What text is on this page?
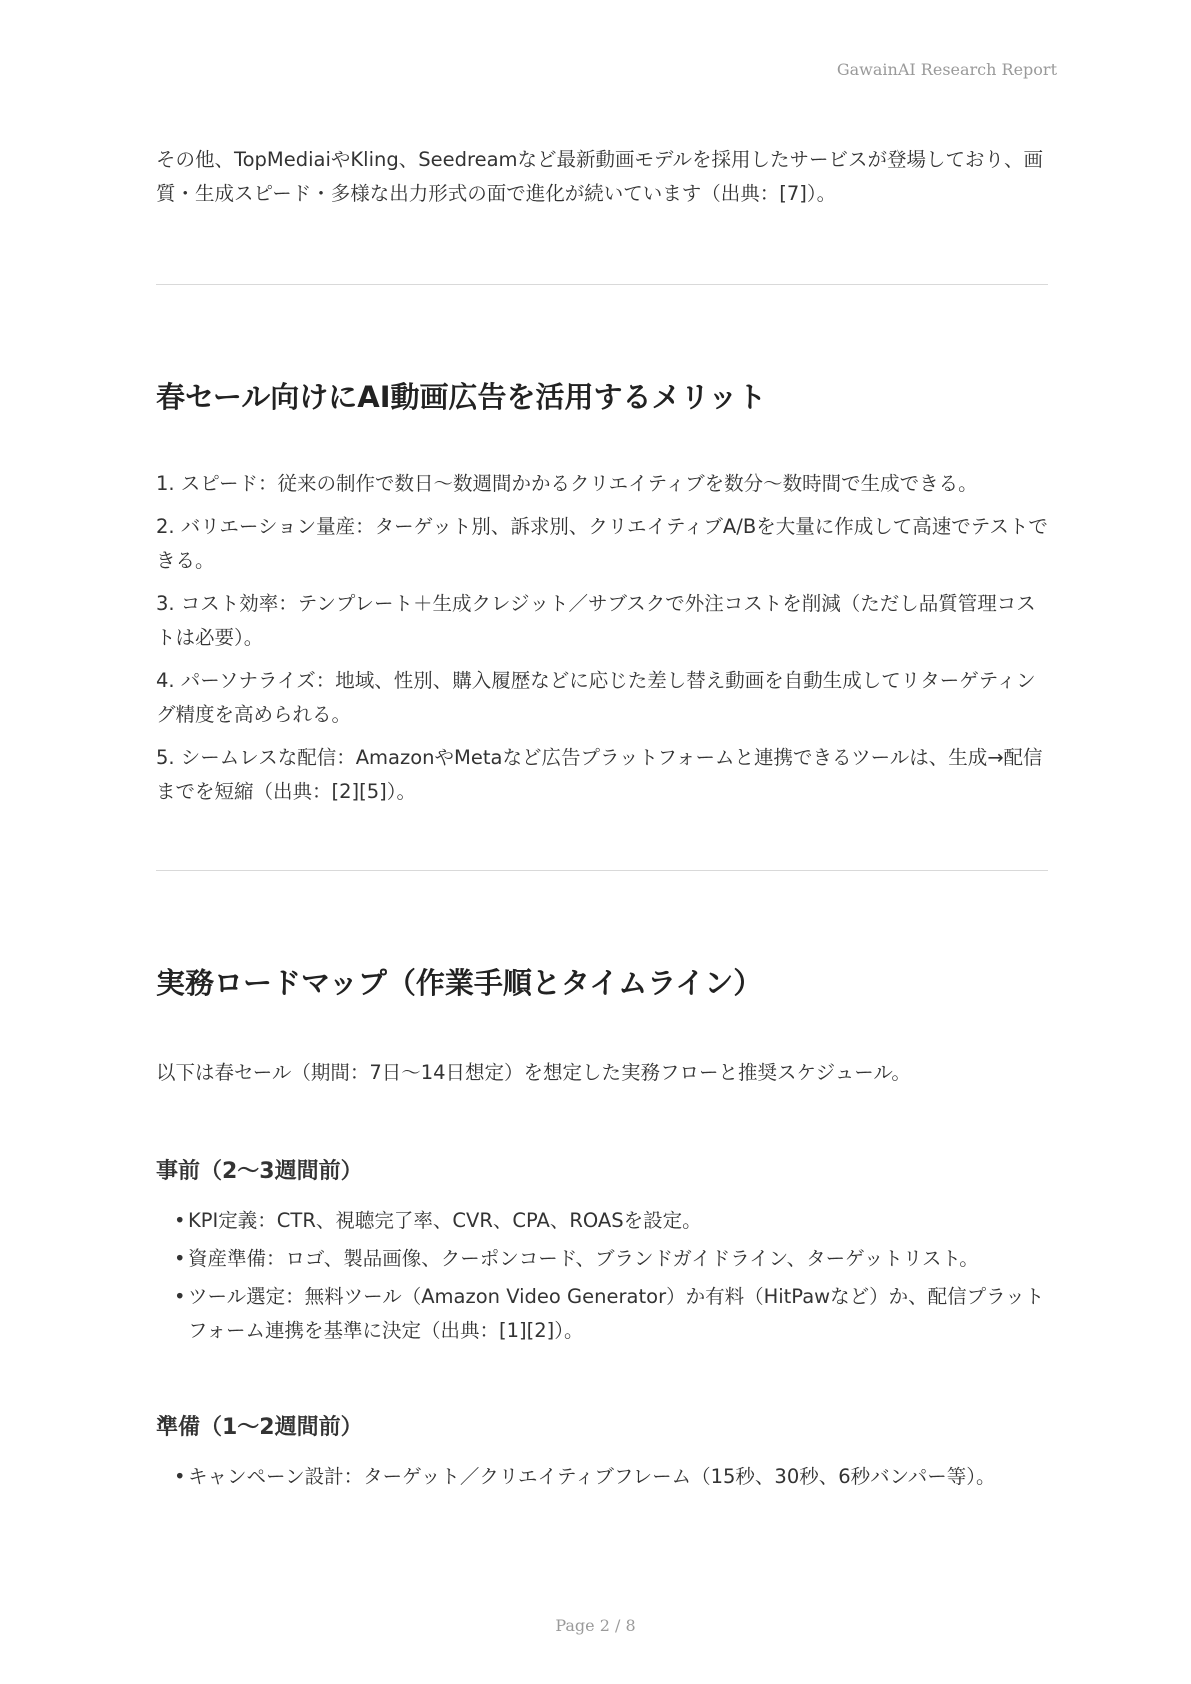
GawainAI Research Report

その他、TopMediaiやKling、Seedreamなど最新動画モデルを採用したサービスが登場しており、画質・生成スピード・多様な出力形式の面で進化が続いています（出典：[7]）。

春セール向けにAI動画広告を活用するメリット
1. スピード：従来の制作で数日〜数週間かかるクリエイティブを数分〜数時間で生成できる。
2. バリエーション量産：ターゲット別、訴求別、クリエイティブA/Bを大量に作成して高速でテストできる。
3. コスト効率：テンプレート＋生成クレジット／サブスクで外注コストを削減（ただし品質管理コストは必要）。
4. パーソナライズ：地域、性別、購入履歴などに応じた差し替え動画を自動生成してリターゲティング精度を高められる。
5. シームレスな配信：AmazonやMetaなど広告プラットフォームと連携できるツールは、生成→配信までを短縮（出典：[2][5]）。
実務ロードマップ（作業手順とタイムライン）

以下は春セール（期間：7日〜14日想定）を想定した実務フローと推奨スケジュール。

事前（2〜3週間前）
• KPI定義：CTR、視聴完了率、CVR、CPA、ROASを設定。
• 資産準備：ロゴ、製品画像、クーポンコード、ブランドガイドライン、ターゲットリスト。
• ツール選定：無料ツール（Amazon Video Generator）か有料（HitPawなど）か、配信プラットフォーム連携を基準に決定（出典：[1][2]）。
準備（1〜2週間前）
• キャンペーン設計：ターゲット／クリエイティブフレーム（15秒、30秒、6秒バンパー等）。

Page 2 / 8
